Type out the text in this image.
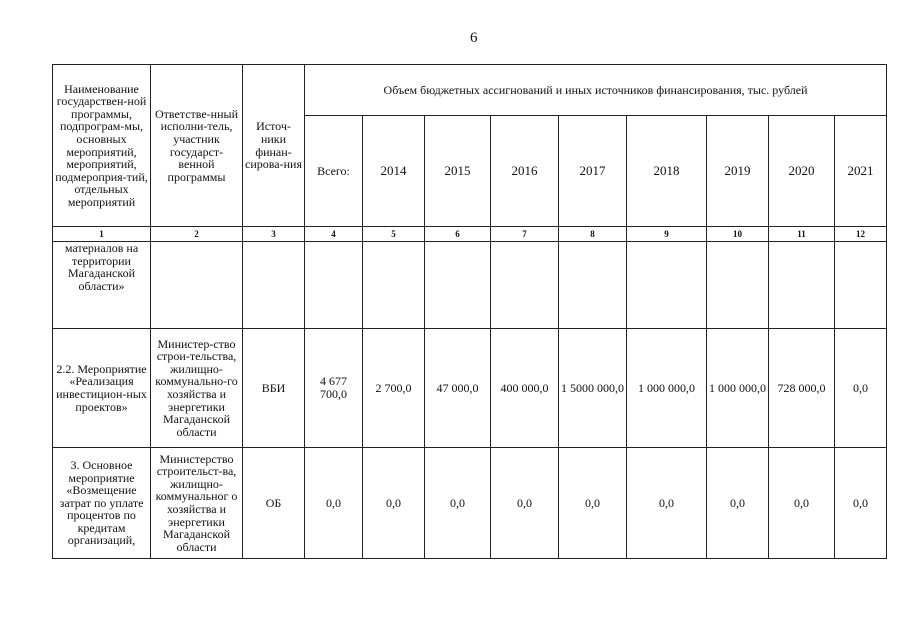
6
Наименование государствен-ной программы, подпрограм-мы, основных мероприятий, мероприятий, подмероприя-тий, отдельных мероприятий	Ответстве-нный исполни-тель, участник государст-венной программы	Источ-ники финан-сирова-ния	Объем бюджетных ассигнований и иных источников финансирования, тыс. рублей								
			Всего:	2014	2015	2016	2017	2018	2019	2020	2021
1	2	3	4	5	6	7	8	9	10	11	12
материалов на территории Магаданской области»											
2.2. Мероприятие «Реализация инвестицион-ных проектов»	Министер-ство строи-тельства, жилищно-коммунально-го хозяйства и энергетики Магаданской области	ВБИ	4 677 700,0	2 700,0	47 000,0	400 000,0	1 5000 000,0	1 000 000,0	1 000 000,0	728 000,0	0,0
3. Основное мероприятие «Возмещение затрат по уплате процентов по кредитам организаций,	Министерство строительст-ва, жилищно-коммунальног о хозяйства и энергетики Магаданской области	ОБ	0,0	0,0	0,0	0,0	0,0	0,0	0,0	0,0	0,0
